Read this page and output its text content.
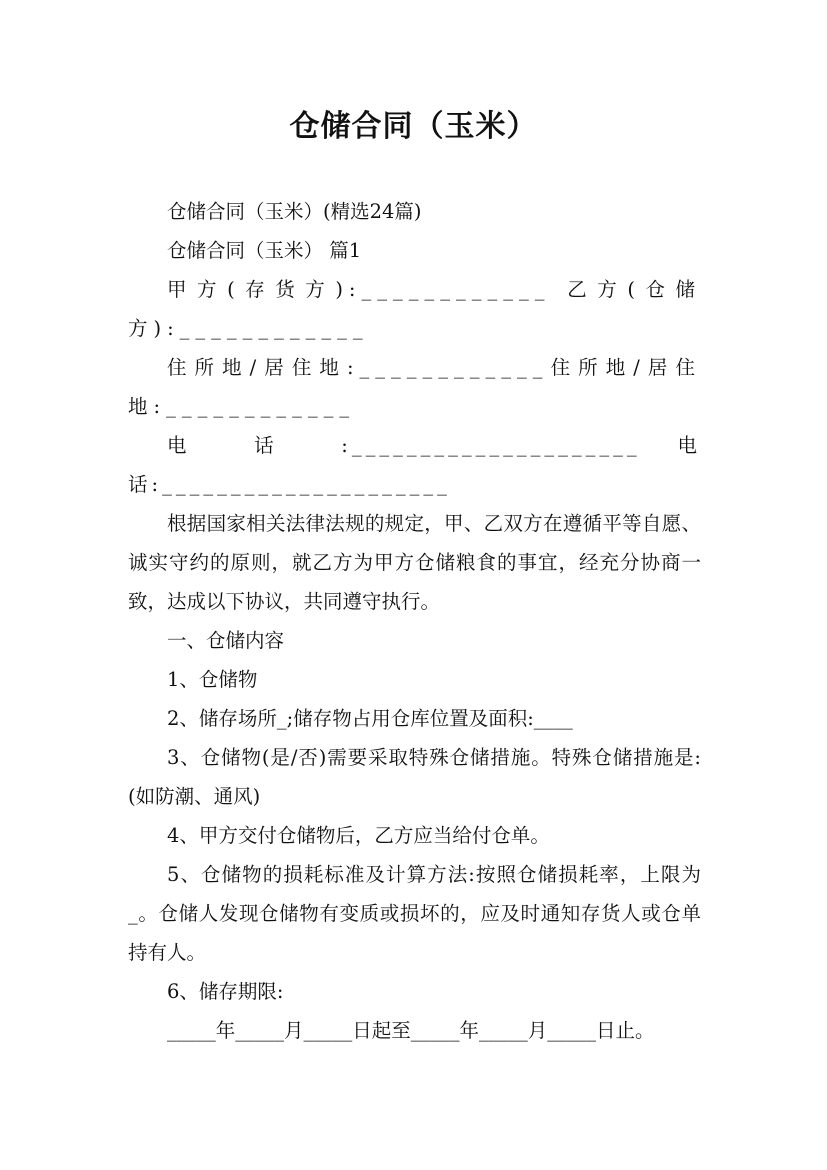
仓储合同（玉米）

仓储合同（玉米）(精选24篇)

仓储合同（玉米） 篇1

甲方(存货方):____________ 乙方(仓储方):____________

住所地/居住地:____________住所地/居住地:____________

电 话 :_____________________ 电话:_____________________

根据国家相关法律法规的规定，甲、乙双方在遵循平等自愿、诚实守约的原则，就乙方为甲方仓储粮食的事宜，经充分协商一致，达成以下协议，共同遵守执行。

一、仓储内容

1、仓储物

2、储存场所_;储存物占用仓库位置及面积:____

3、仓储物(是/否)需要采取特殊仓储措施。特殊仓储措施是:(如防潮、通风)

4、甲方交付仓储物后，乙方应当给付仓单。

5、仓储物的损耗标准及计算方法:按照仓储损耗率，上限为_。仓储人发现仓储物有变质或损坏的，应及时通知存货人或仓单持有人。

6、储存期限:

_____年_____月_____日起至_____年_____月_____日止。
